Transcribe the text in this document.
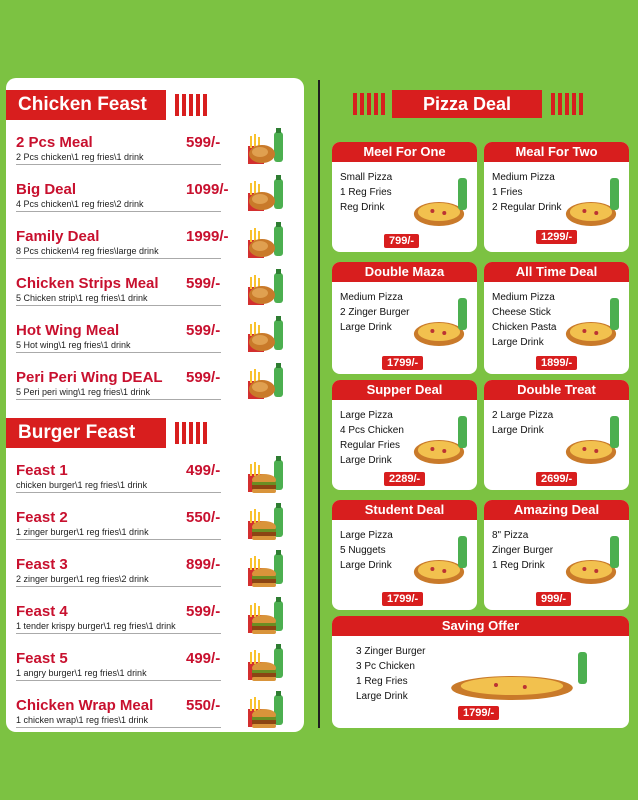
Chicken Feast
2 Pcs Meal	599/-
2 Pcs chicken\1 reg fries\1 drink
Big Deal	1099/-
4 Pcs chicken\1 reg fries\2 drink
Family Deal	1999/-
8 Pcs chicken\4 reg fries\large drink
Chicken Strips Meal 599/-
5 Chicken strip\1 reg fries\1 drink
Hot Wing Meal	599/-
5 Hot wing\1 reg fries\1 drink
Peri Peri Wing DEAL 599/-
5 Peri peri wing\1 reg fries\1 drink
Burger Feast
Feast 1	499/-
chicken burger\1 reg fries\1 drink
Feast 2	550/-
1 zinger burger\1 reg fries\1 drink
Feast 3	899/-
2 zinger burger\1 reg fries\2 drink
Feast 4	599/-
1 tender krispy burger\1 reg fries\1 drink
Feast 5	499/-
1 angry burger\1 reg fries\1 drink
Chicken Wrap Meal 550/-
1 chicken wrap\1 reg fries\1 drink
Pizza Deal
Meel For One
Small Pizza
1 Reg Fries
Reg Drink
799/-
Meal For Two
Medium Pizza
1 Fries
2 Regular Drink
1299/-
Double Maza
Medium Pizza
2 Zinger Burger
Large Drink
1799/-
All Time Deal
Medium Pizza
Cheese Stick
Chicken Pasta
Large Drink
1899/-
Supper Deal
Large Pizza
4 Pcs Chicken
Regular Fries
Large Drink
2289/-
Double Treat
2 Large Pizza
Large Drink
2699/-
Student Deal
Large Pizza
5 Nuggets
Large Drink
1799/-
Amazing Deal
8" Pizza
Zinger Burger
1 Reg Drink
999/-
Saving Offer
3 Zinger Burger
3 Pc Chicken
1 Reg Fries
Large Drink
1799/-
